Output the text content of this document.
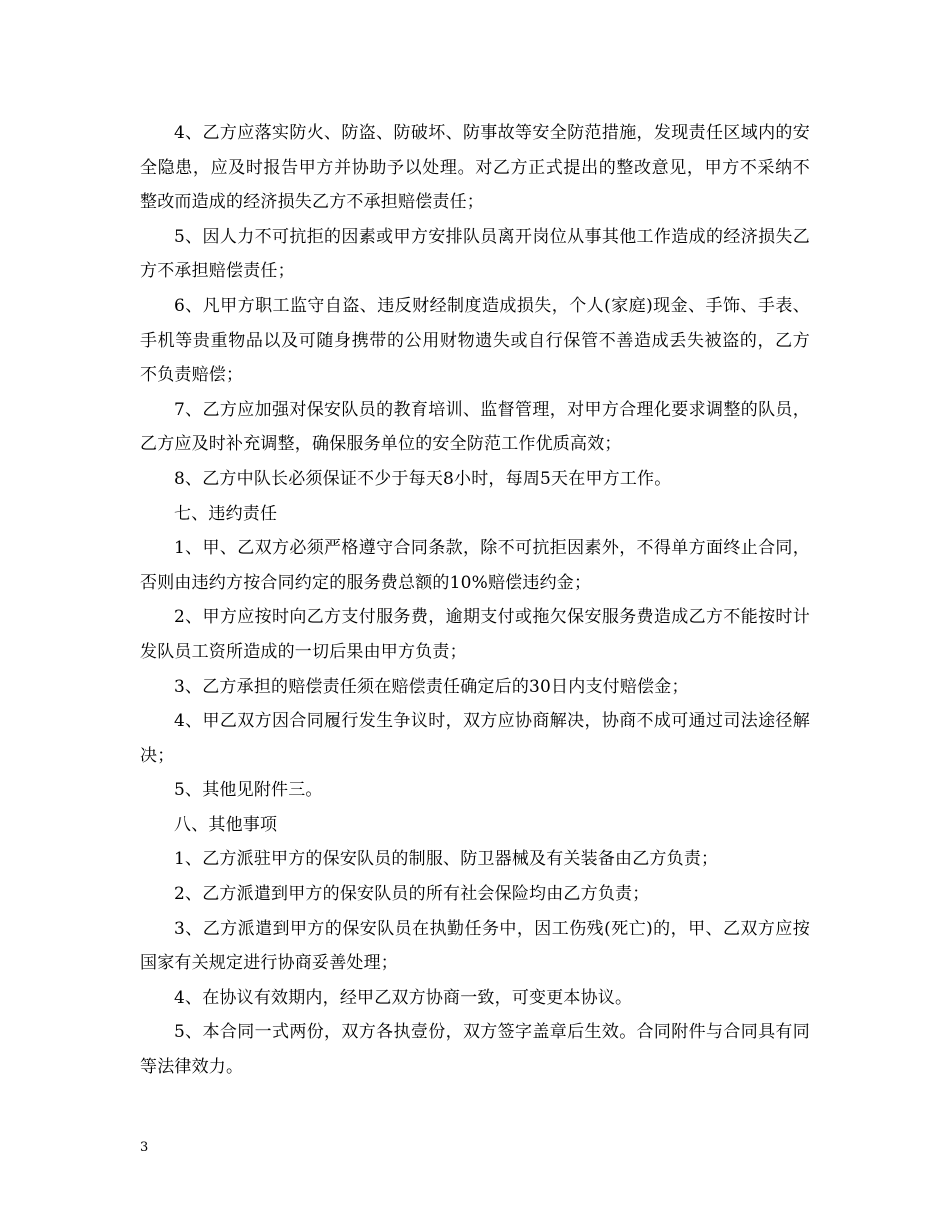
4、乙方应落实防火、防盗、防破坏、防事故等安全防范措施，发现责任区域内的安全隐患，应及时报告甲方并协助予以处理。对乙方正式提出的整改意见，甲方不采纳不整改而造成的经济损失乙方不承担赔偿责任；

5、因人力不可抗拒的因素或甲方安排队员离开岗位从事其他工作造成的经济损失乙方不承担赔偿责任；

6、凡甲方职工监守自盗、违反财经制度造成损失，个人(家庭)现金、手饰、手表、手机等贵重物品以及可随身携带的公用财物遗失或自行保管不善造成丢失被盗的，乙方不负责赔偿；

7、乙方应加强对保安队员的教育培训、监督管理，对甲方合理化要求调整的队员，乙方应及时补充调整，确保服务单位的安全防范工作优质高效；

8、乙方中队长必须保证不少于每天8小时，每周5天在甲方工作。

七、违约责任

1、甲、乙双方必须严格遵守合同条款，除不可抗拒因素外，不得单方面终止合同，否则由违约方按合同约定的服务费总额的10%赔偿违约金；

2、甲方应按时向乙方支付服务费，逾期支付或拖欠保安服务费造成乙方不能按时计发队员工资所造成的一切后果由甲方负责；

3、乙方承担的赔偿责任须在赔偿责任确定后的30日内支付赔偿金；

4、甲乙双方因合同履行发生争议时，双方应协商解决，协商不成可通过司法途径解决；

5、其他见附件三。

八、其他事项

1、乙方派驻甲方的保安队员的制服、防卫器械及有关装备由乙方负责；

2、乙方派遣到甲方的保安队员的所有社会保险均由乙方负责；

3、乙方派遣到甲方的保安队员在执勤任务中，因工伤残(死亡)的，甲、乙双方应按国家有关规定进行协商妥善处理；

4、在协议有效期内，经甲乙双方协商一致，可变更本协议。

5、本合同一式两份，双方各执壹份，双方签字盖章后生效。合同附件与合同具有同等法律效力。

3
